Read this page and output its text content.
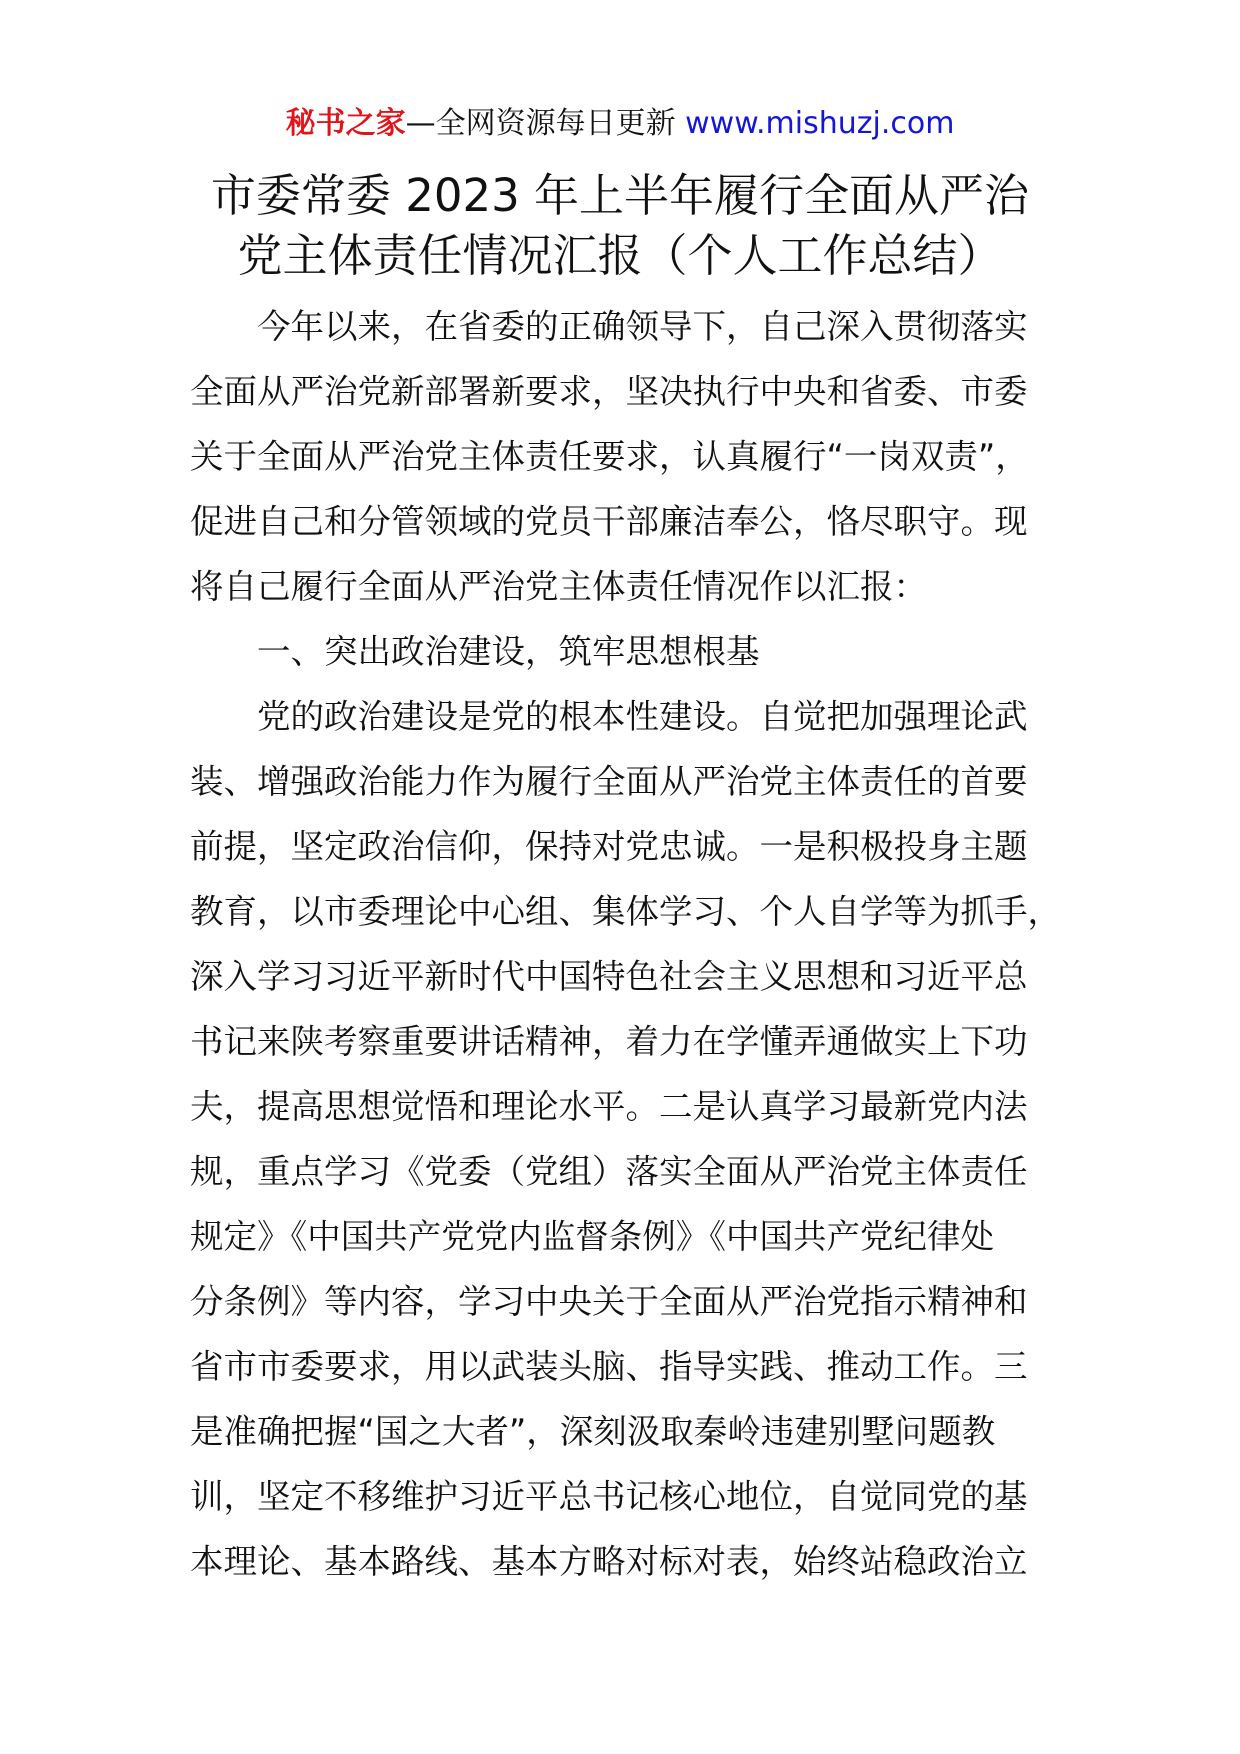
秘书之家—全网资源每日更新 www.mishuzj.com
市委常委 2023 年上半年履行全面从严治
党主体责任情况汇报（个人工作总结）

今年以来，在省委的正确领导下，自己深入贯彻落实

全面从严治党新部署新要求，坚决执行中央和省委、市委
关于全面从严治党主体责任要求，认真履行“一岗双责”，
促进自己和分管领域的党员干部廉洁奉公，恪尽职守。现
将自己履行全面从严治党主体责任情况作以汇报：

一、突出政治建设，筑牢思想根基

党的政治建设是党的根本性建设。自觉把加强理论武

装、增强政治能力作为履行全面从严治党主体责任的首要
前提，坚定政治信仰，保持对党忠诚。一是积极投身主题
教育，以市委理论中心组、集体学习、个人自学等为抓手，
深入学习习近平新时代中国特色社会主义思想和习近平总
书记来陕考察重要讲话精神，着力在学懂弄通做实上下功
夫，提高思想觉悟和理论水平。二是认真学习最新党内法
规，重点学习《党委（党组）落实全面从严治党主体责任
规定》《中国共产党党内监督条例》《中国共产党纪律处
分条例》等内容，学习中央关于全面从严治党指示精神和
省市市委要求，用以武装头脑、指导实践、推动工作。三
是准确把握“国之大者”，深刻汲取秦岭违建别墅问题教
训，坚定不移维护习近平总书记核心地位，自觉同党的基
本理论、基本路线、基本方略对标对表，始终站稳政治立
